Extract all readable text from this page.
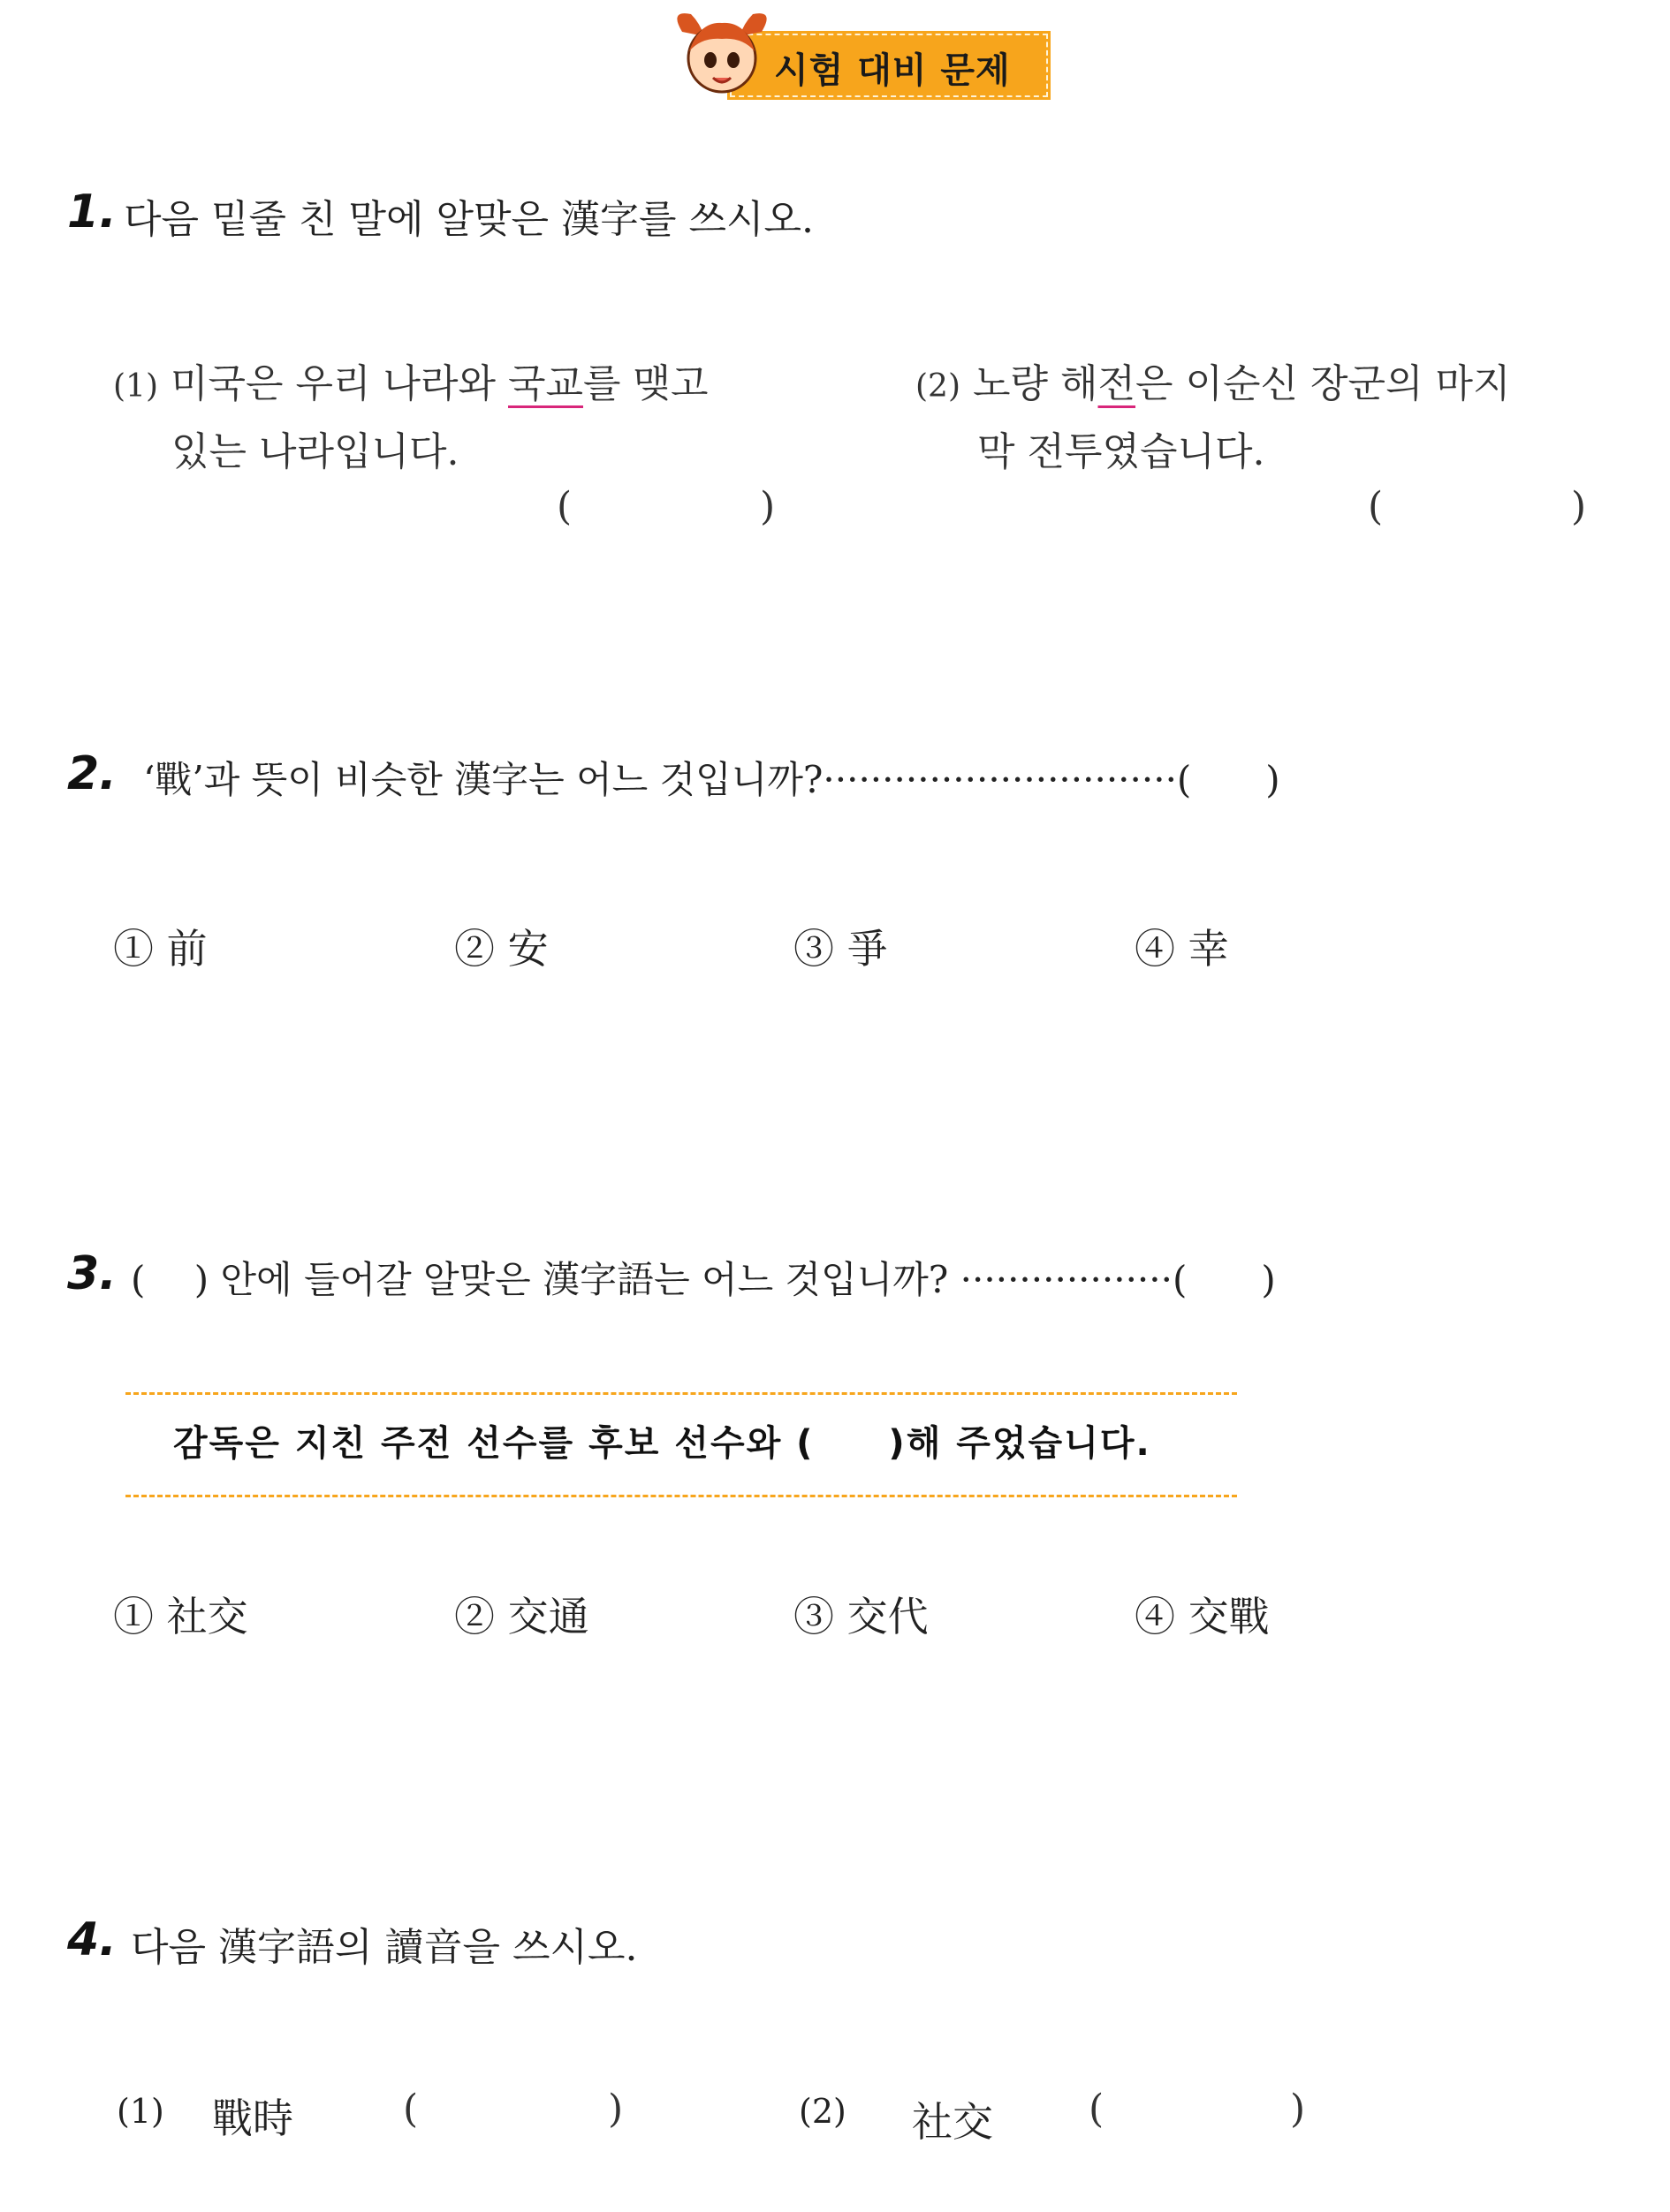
시험 대비 문제
1. 다음 밑줄 친 말에 알맞은 漢字를 쓰시오.
(1) 미국은 우리 나라와 국교를 맺고
있는 나라입니다.
(	)
(2) 노량 해전은 이순신 장군의 마지
막 전투였습니다.
(	)
2. ‘戰’과 뜻이 비슷한 漢字는 어느 것입니까?······························(　　)
① 前	② 安	③ 爭	④ 幸
3. (　 ) 안에 들어갈 알맞은 漢字語는 어느 것입니까? ··················(　　)
감독은 지친 주전 선수를 후보 선수와 (　　)해 주었습니다.
① 社交	② 交通	③ 交代	④ 交戰
4. 다음 漢字語의 讀音을 쓰시오.
(1) 戰時	(	)	(2) 社交 (	)
